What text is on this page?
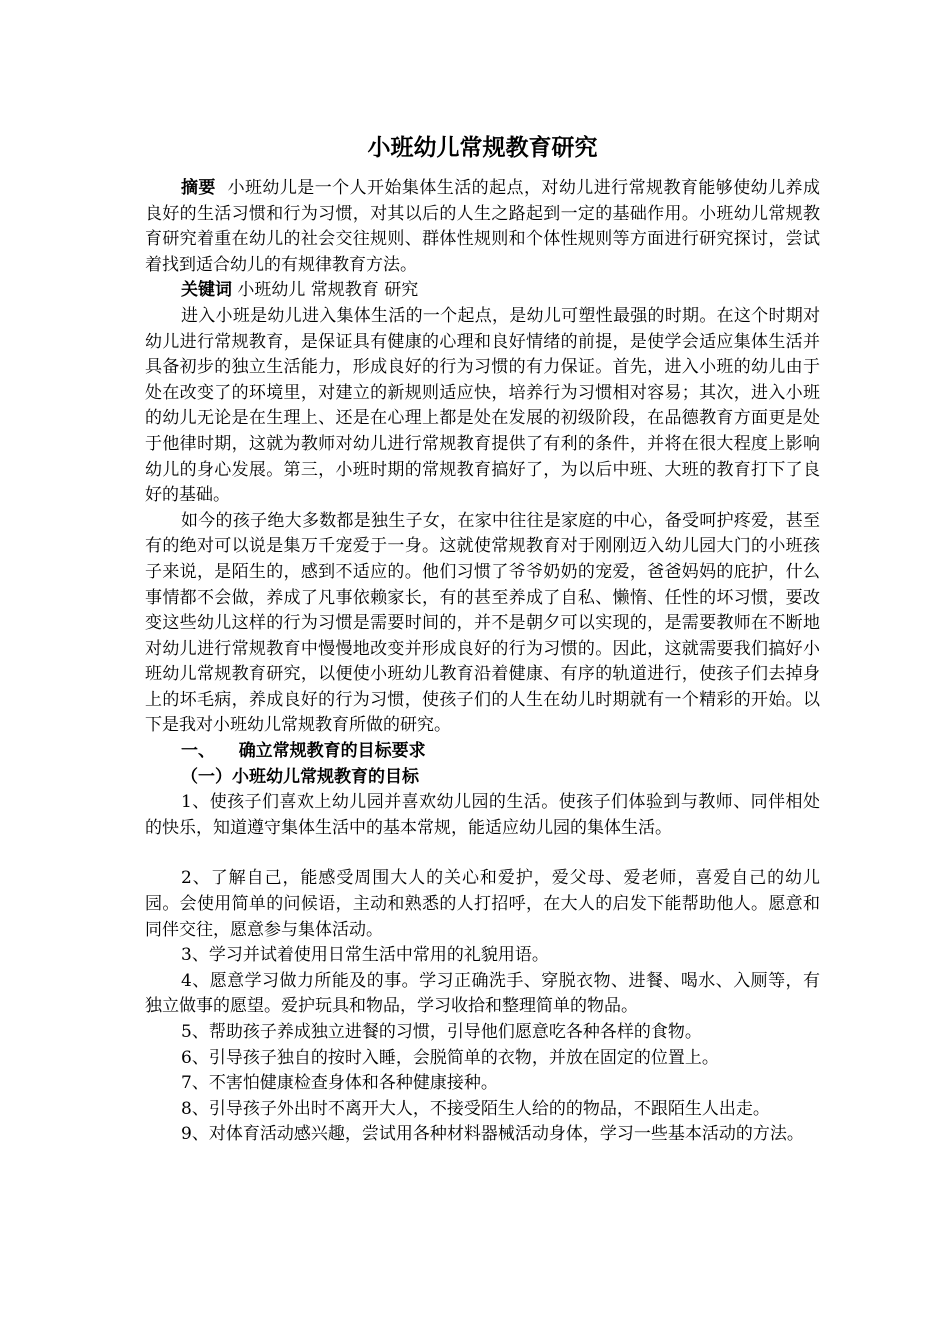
小班幼儿常规教育研究

摘要 小班幼儿是一个人开始集体生活的起点，对幼儿进行常规教育能够使幼儿养成良好的生活习惯和行为习惯，对其以后的人生之路起到一定的基础作用。小班幼儿常规教育研究着重在幼儿的社会交往规则、群体性规则和个体性规则等方面进行研究探讨，尝试着找到适合幼儿的有规律教育方法。

关键词 小班幼儿 常规教育 研究

进入小班是幼儿进入集体生活的一个起点，是幼儿可塑性最强的时期。在这个时期对幼儿进行常规教育，是保证具有健康的心理和良好情绪的前提，是使学会适应集体生活并具备初步的独立生活能力，形成良好的行为习惯的有力保证。首先，进入小班的幼儿由于处在改变了的环境里，对建立的新规则适应快，培养行为习惯相对容易；其次，进入小班的幼儿无论是在生理上、还是在心理上都是处在发展的初级阶段，在品德教育方面更是处于他律时期，这就为教师对幼儿进行常规教育提供了有利的条件，并将在很大程度上影响幼儿的身心发展。第三，小班时期的常规教育搞好了，为以后中班、大班的教育打下了良好的基础。

如今的孩子绝大多数都是独生子女，在家中往往是家庭的中心，备受呵护疼爱，甚至有的绝对可以说是集万千宠爱于一身。这就使常规教育对于刚刚迈入幼儿园大门的小班孩子来说，是陌生的，感到不适应的。他们习惯了爷爷奶奶的宠爱，爸爸妈妈的庇护，什么事情都不会做，养成了凡事依赖家长，有的甚至养成了自私、懒惰、任性的坏习惯，要改变这些幼儿这样的行为习惯是需要时间的，并不是朝夕可以实现的，是需要教师在不断地对幼儿进行常规教育中慢慢地改变并形成良好的行为习惯的。因此，这就需要我们搞好小班幼儿常规教育研究，以便使小班幼儿教育沿着健康、有序的轨道进行，使孩子们去掉身上的坏毛病，养成良好的行为习惯，使孩子们的人生在幼儿时期就有一个精彩的开始。以下是我对小班幼儿常规教育所做的研究。

一、 确立常规教育的目标要求

（一）小班幼儿常规教育的目标

1、使孩子们喜欢上幼儿园并喜欢幼儿园的生活。使孩子们体验到与教师、同伴相处的快乐，知道遵守集体生活中的基本常规，能适应幼儿园的集体生活。

2、了解自己，能感受周围大人的关心和爱护，爱父母、爱老师，喜爱自己的幼儿园。会使用简单的问候语，主动和熟悉的人打招呼，在大人的启发下能帮助他人。愿意和同伴交往，愿意参与集体活动。

3、学习并试着使用日常生活中常用的礼貌用语。

4、愿意学习做力所能及的事。学习正确洗手、穿脱衣物、进餐、喝水、入厕等，有独立做事的愿望。爱护玩具和物品，学习收拾和整理简单的物品。

5、帮助孩子养成独立进餐的习惯，引导他们愿意吃各种各样的食物。

6、引导孩子独自的按时入睡，会脱简单的衣物，并放在固定的位置上。

7、不害怕健康检查身体和各种健康接种。

8、引导孩子外出时不离开大人，不接受陌生人给的的物品，不跟陌生人出走。

9、对体育活动感兴趣，尝试用各种材料器械活动身体，学习一些基本活动的方法。
